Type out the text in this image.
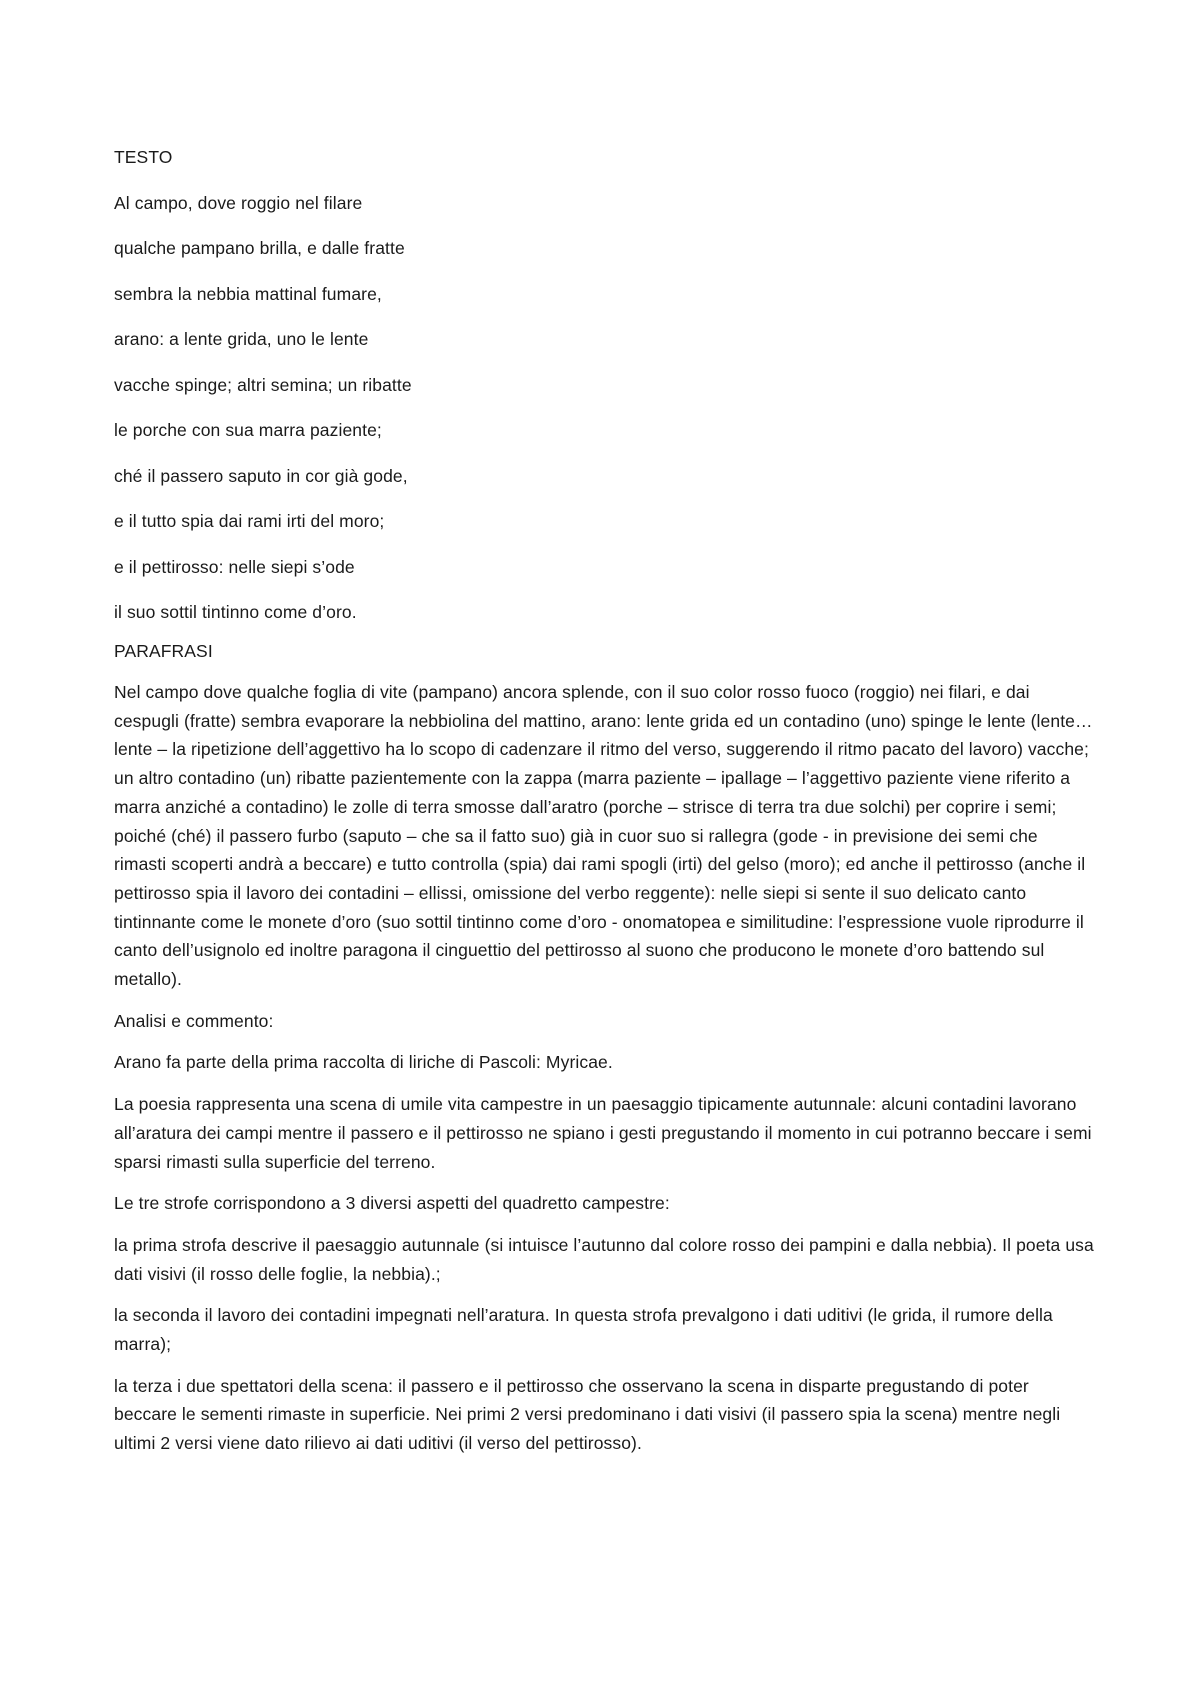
TESTO

Al campo, dove roggio nel filare

qualche pampano brilla, e dalle fratte

sembra la nebbia mattinal fumare,

arano: a lente grida, uno le lente

vacche spinge; altri semina; un ribatte

le porche con sua marra paziente;

ché il passero saputo in cor già gode,

e il tutto spia dai rami irti del moro;

e il pettirosso: nelle siepi s’ode

il suo sottil tintinno come d’oro.

PARAFRASI

Nel campo dove qualche foglia di vite (pampano) ancora splende, con il suo color rosso fuoco (roggio) nei filari, e dai cespugli (fratte) sembra evaporare la nebbiolina del mattino, arano: lente grida ed un contadino (uno) spinge le lente (lente…lente – la ripetizione dell’aggettivo ha lo scopo di cadenzare il ritmo del verso, suggerendo il ritmo pacato del lavoro) vacche; un altro contadino (un) ribatte pazientemente con la zappa (marra paziente – ipallage – l’aggettivo paziente viene riferito a marra anziché a contadino) le zolle di terra smosse dall’aratro (porche – strisce di terra tra due solchi) per coprire i semi; poiché (ché) il passero furbo (saputo – che sa il fatto suo) già in cuor suo si rallegra (gode - in previsione dei semi che rimasti scoperti andrà a beccare) e tutto controlla (spia) dai rami spogli (irti) del gelso (moro); ed anche il pettirosso (anche il pettirosso spia il lavoro dei contadini – ellissi, omissione del verbo reggente): nelle siepi si sente il suo delicato canto tintinnante come le monete d’oro (suo sottil tintinno come d’oro - onomatopea e similitudine: l’espressione vuole riprodurre il canto dell’usignolo ed inoltre paragona il cinguettio del pettirosso al suono che producono le monete d’oro battendo sul metallo).

Analisi e commento:

Arano fa parte della prima raccolta di liriche di Pascoli: Myricae.

La poesia rappresenta una scena di umile vita campestre in un paesaggio tipicamente autunnale: alcuni contadini lavorano all’aratura dei campi mentre il passero e il pettirosso ne spiano i gesti pregustando il momento in cui potranno beccare i semi sparsi rimasti sulla superficie del terreno.

Le tre strofe corrispondono a 3 diversi aspetti del quadretto campestre:

la prima strofa descrive il paesaggio autunnale (si intuisce l’autunno dal colore rosso dei pampini e dalla nebbia). Il poeta usa dati visivi (il rosso delle foglie, la nebbia).;

la seconda il lavoro dei contadini impegnati nell’aratura. In questa strofa prevalgono i dati uditivi (le grida, il rumore della marra);

la terza i due spettatori della scena: il passero e il pettirosso che osservano la scena in disparte pregustando di poter beccare le sementi rimaste in superficie. Nei primi 2 versi predominano i dati visivi (il passero spia la scena) mentre negli ultimi 2 versi viene dato rilievo ai dati uditivi (il verso del pettirosso).
